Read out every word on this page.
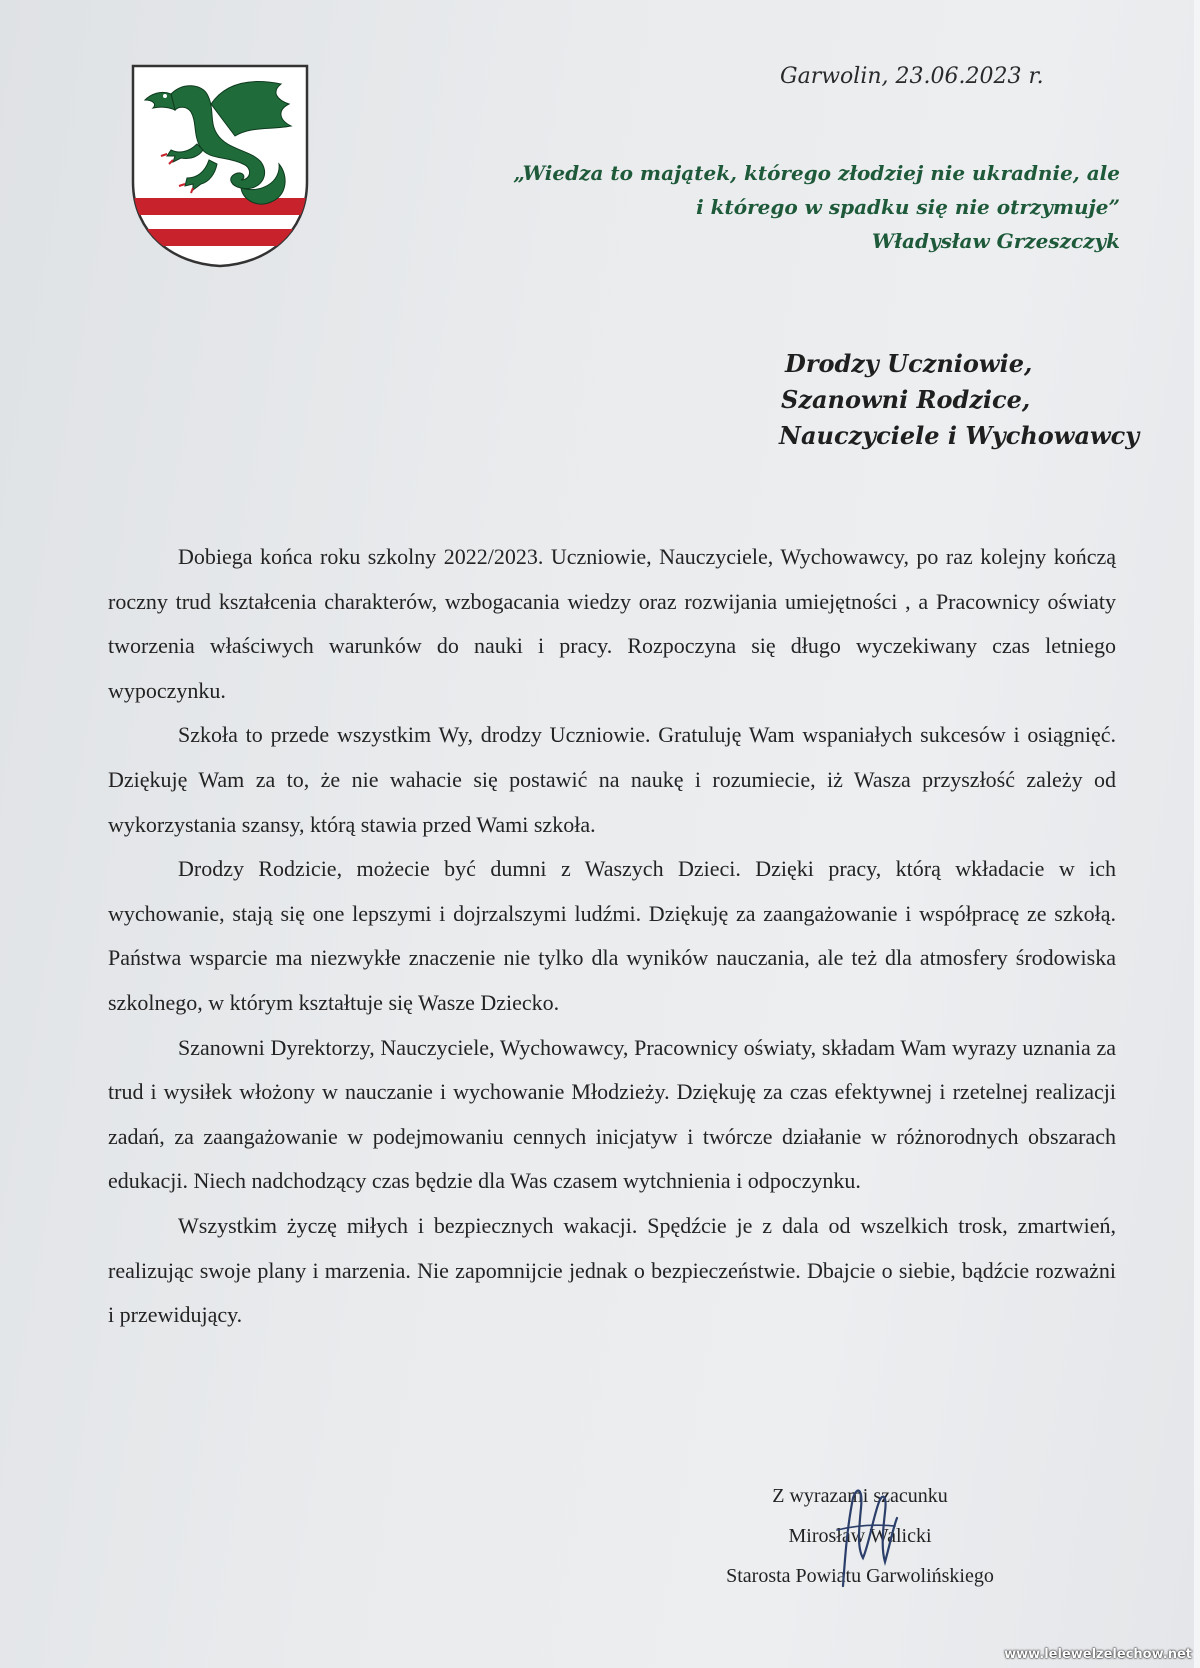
Garwolin, 23.06.2023 r.
„Wiedza to majątek, którego złodziej nie ukradnie, ale
i którego w spadku się nie otrzymuje”
Władysław Grzeszczyk
Drodzy Uczniowie,
Szanowni Rodzice,
Nauczyciele i Wychowawcy

Dobiega końca roku szkolny 2022/2023. Uczniowie, Nauczyciele, Wychowawcy, po raz kolejny kończą roczny trud kształcenia charakterów, wzbogacania wiedzy oraz rozwijania umiejętności , a Pracownicy oświaty tworzenia właściwych warunków do nauki i pracy. Rozpoczyna się długo wyczekiwany czas letniego wypoczynku.

Szkoła to przede wszystkim Wy, drodzy Uczniowie. Gratuluję Wam wspaniałych sukcesów i osiągnięć. Dziękuję Wam za to, że nie wahacie się postawić na naukę i rozumiecie, iż Wasza przyszłość zależy od wykorzystania szansy, którą stawia przed Wami szkoła.

Drodzy Rodzicie, możecie być dumni z Waszych Dzieci. Dzięki pracy, którą wkładacie w ich wychowanie, stają się one lepszymi i dojrzalszymi ludźmi. Dziękuję za zaangażowanie i współpracę ze szkołą. Państwa wsparcie ma niezwykłe znaczenie nie tylko dla wyników nauczania, ale też dla atmosfery środowiska szkolnego, w którym kształtuje się Wasze Dziecko.

Szanowni Dyrektorzy, Nauczyciele, Wychowawcy, Pracownicy oświaty, składam Wam wyrazy uznania za trud i wysiłek włożony w nauczanie i wychowanie Młodzieży. Dziękuję za czas efektywnej i rzetelnej realizacji zadań, za zaangażowanie w podejmowaniu cennych inicjatyw i twórcze działanie w różnorodnych obszarach edukacji. Niech nadchodzący czas będzie dla Was czasem wytchnienia i odpoczynku.

Wszystkim życzę miłych i bezpiecznych wakacji. Spędźcie je z dala od wszelkich trosk, zmartwień, realizując swoje plany i marzenia. Nie zapomnijcie jednak o bezpieczeństwie. Dbajcie o siebie, bądźcie rozważni i przewidujący.

Z wyrazami szacunku
Mirosław Walicki
Starosta Powiatu Garwolińskiego
www.lelewelzelechow.net
